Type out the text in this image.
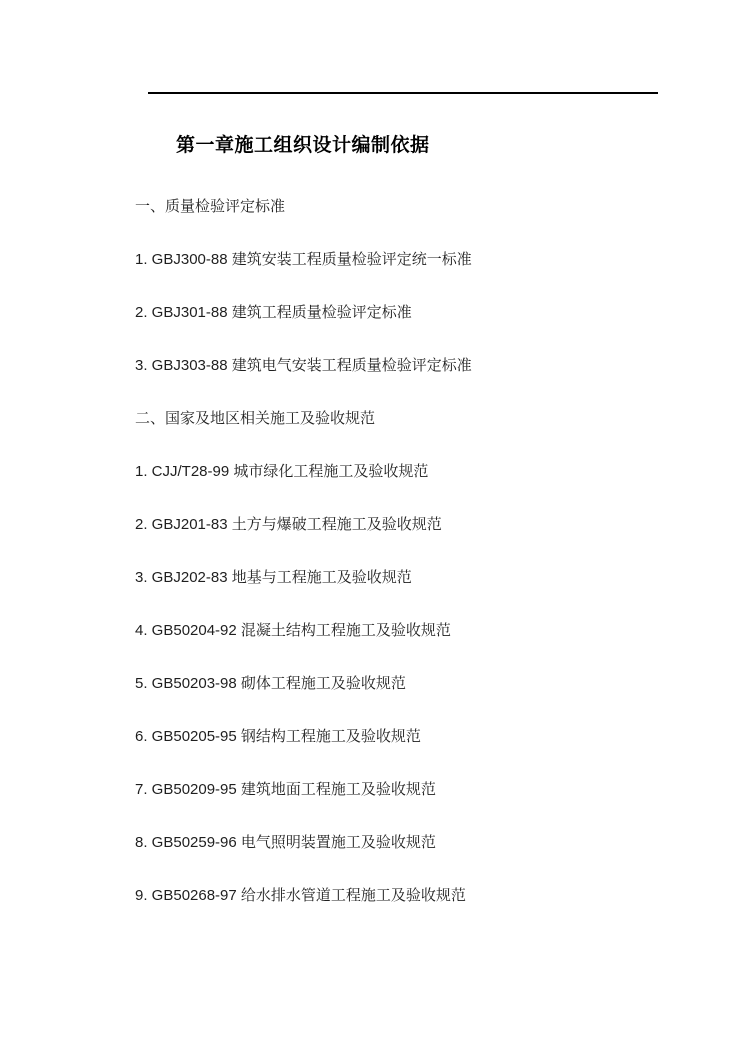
第一章施工组织设计编制依据

一、质量检验评定标准

1. GBJ300-88 建筑安装工程质量检验评定统一标准

2. GBJ301-88 建筑工程质量检验评定标准

3. GBJ303-88 建筑电气安装工程质量检验评定标准

二、国家及地区相关施工及验收规范

1. CJJ/T28-99 城市绿化工程施工及验收规范

2. GBJ201-83 土方与爆破工程施工及验收规范

3. GBJ202-83 地基与工程施工及验收规范

4. GB50204-92 混凝土结构工程施工及验收规范

5. GB50203-98 砌体工程施工及验收规范

6. GB50205-95 钢结构工程施工及验收规范

7. GB50209-95 建筑地面工程施工及验收规范

8. GB50259-96 电气照明装置施工及验收规范

9. GB50268-97 给水排水管道工程施工及验收规范
